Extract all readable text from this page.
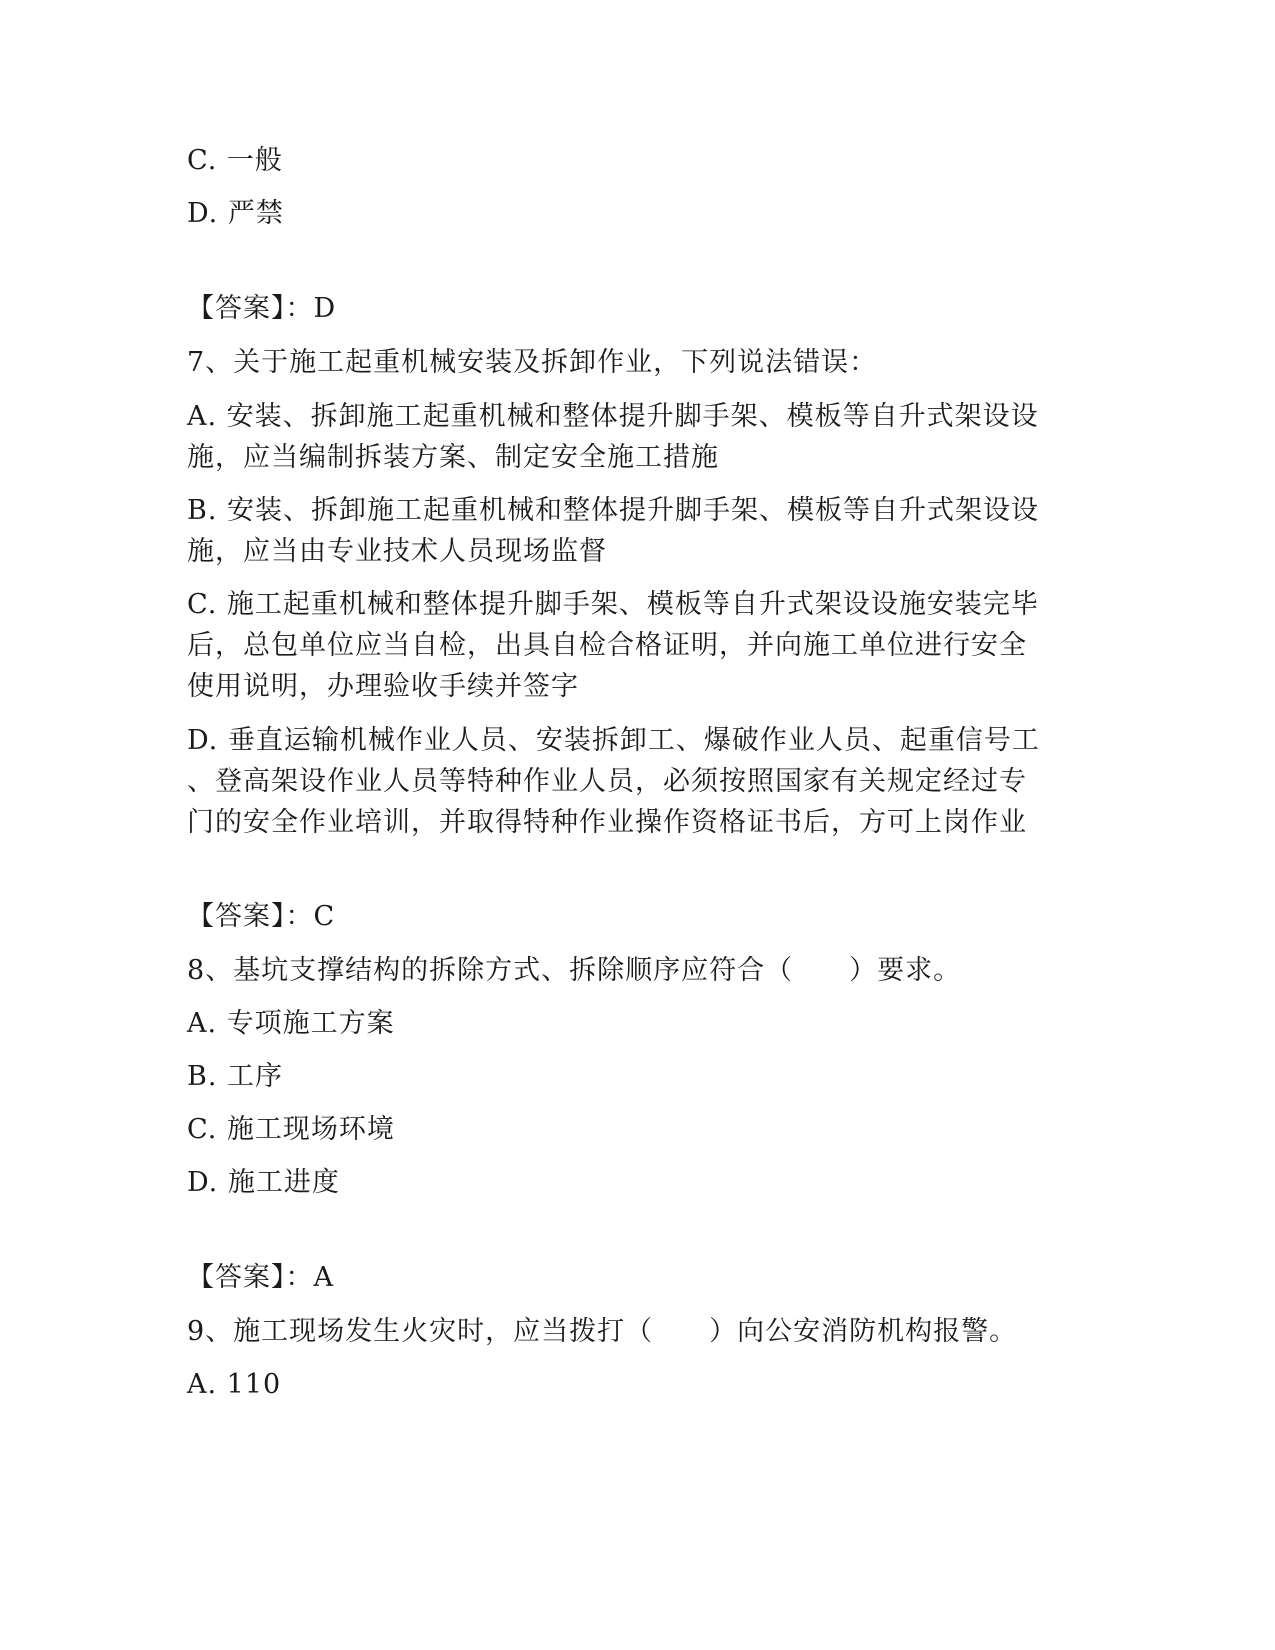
C. 一般
D. 严禁
【答案】：D
7、关于施工起重机械安装及拆卸作业，下列说法错误：
A. 安装、拆卸施工起重机械和整体提升脚手架、模板等自升式架设设
施，应当编制拆装方案、制定安全施工措施
B. 安装、拆卸施工起重机械和整体提升脚手架、模板等自升式架设设
施，应当由专业技术人员现场监督
C. 施工起重机械和整体提升脚手架、模板等自升式架设设施安装完毕
后，总包单位应当自检，出具自检合格证明，并向施工单位进行安全
使用说明，办理验收手续并签字
D. 垂直运输机械作业人员、安装拆卸工、爆破作业人员、起重信号工
、登高架设作业人员等特种作业人员，必须按照国家有关规定经过专
门的安全作业培训，并取得特种作业操作资格证书后，方可上岗作业
【答案】：C
8、基坑支撑结构的拆除方式、拆除顺序应符合（　　）要求。
A. 专项施工方案
B. 工序
C. 施工现场环境
D. 施工进度
【答案】：A
9、施工现场发生火灾时，应当拨打（　　）向公安消防机构报警。
A. 110
